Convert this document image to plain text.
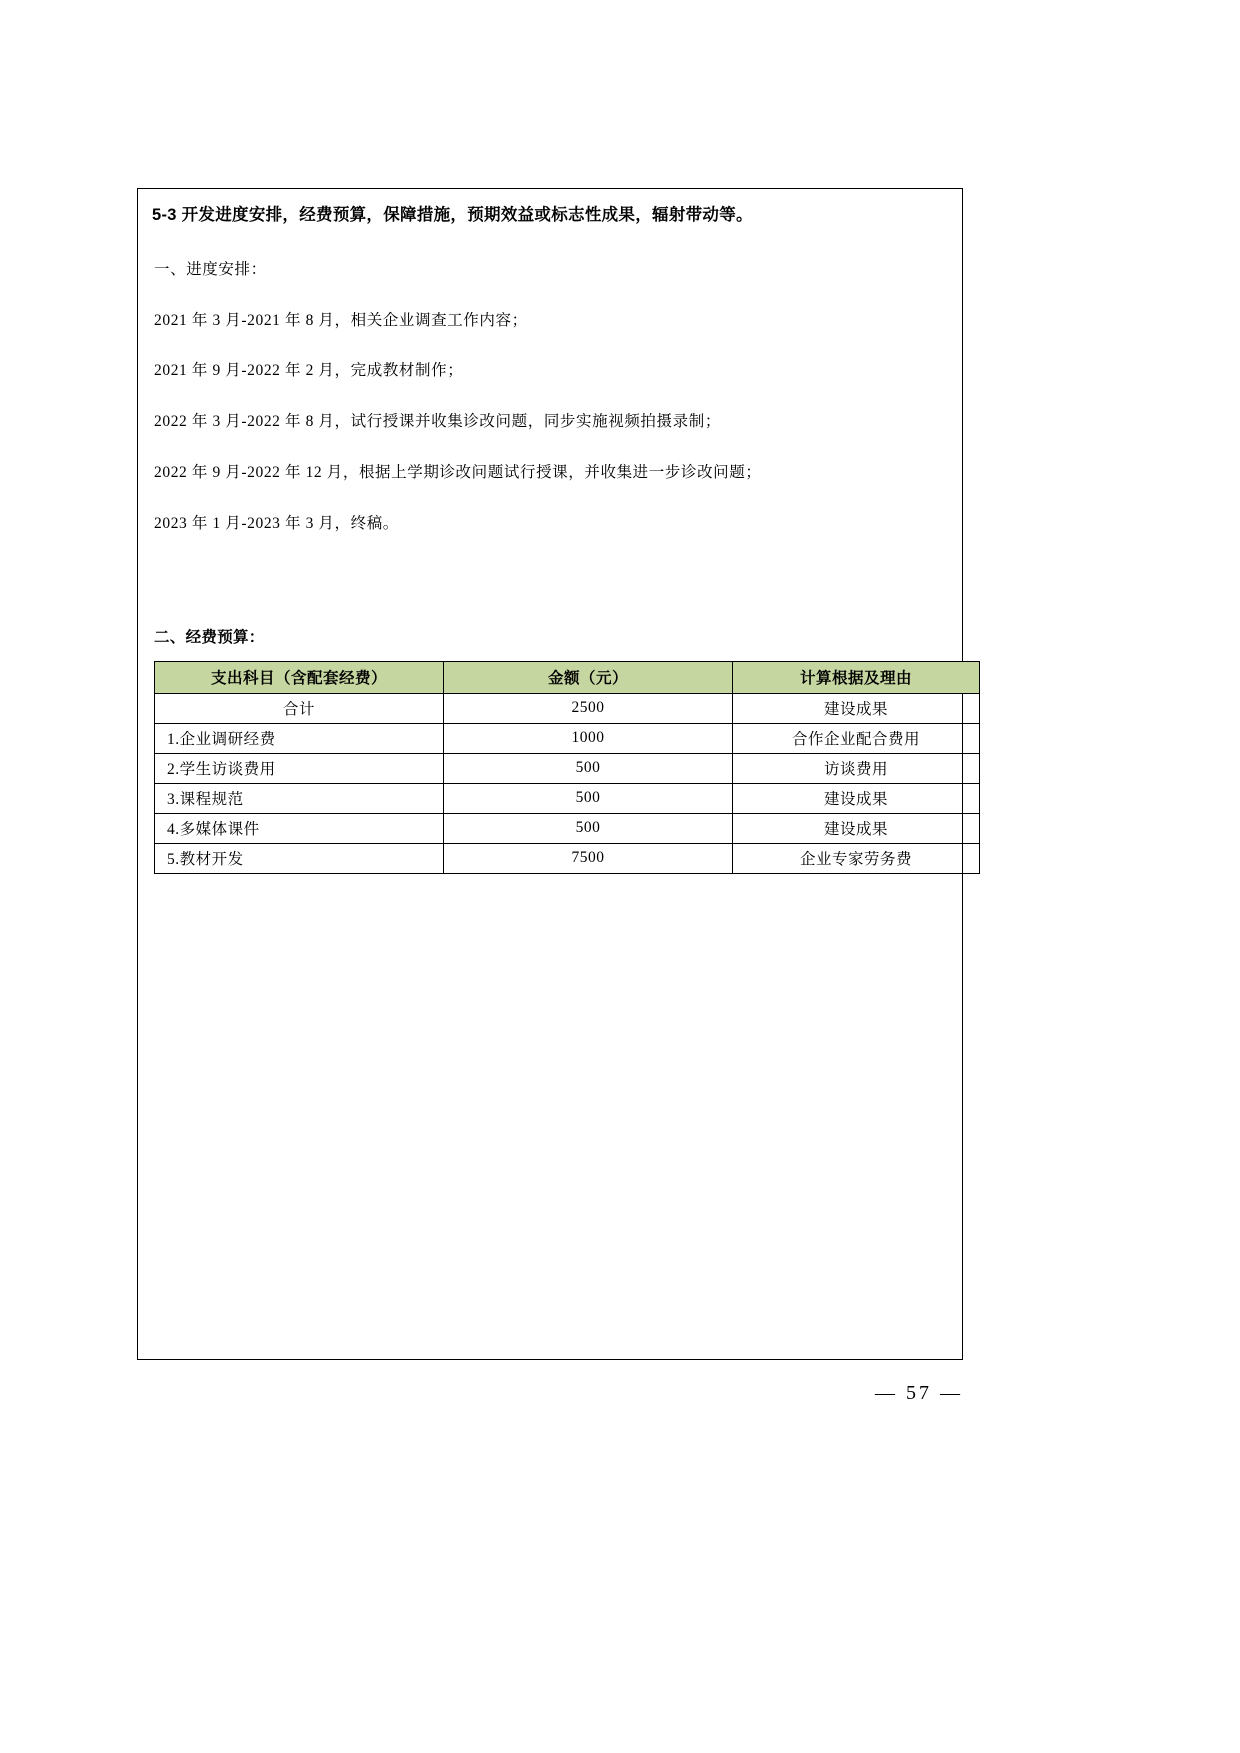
5-3 开发进度安排，经费预算，保障措施，预期效益或标志性成果，辐射带动等。
一、进度安排：
2021 年 3 月-2021 年 8 月，相关企业调查工作内容；
2021 年 9 月-2022 年 2 月，完成教材制作；
2022 年 3 月-2022 年 8 月，试行授课并收集诊改问题，同步实施视频拍摄录制；
2022 年 9 月-2022 年 12 月，根据上学期诊改问题试行授课，并收集进一步诊改问题；
2023 年 1 月-2023 年 3 月，终稿。
二、经费预算：
支出科目（含配套经费）	金额（元）	计算根据及理由
合计	2500	建设成果
1.企业调研经费	1000	合作企业配合费用
2.学生访谈费用	500	访谈费用
3.课程规范	500	建设成果
4.多媒体课件	500	建设成果
5.教材开发	7500	企业专家劳务费
— 57 —
